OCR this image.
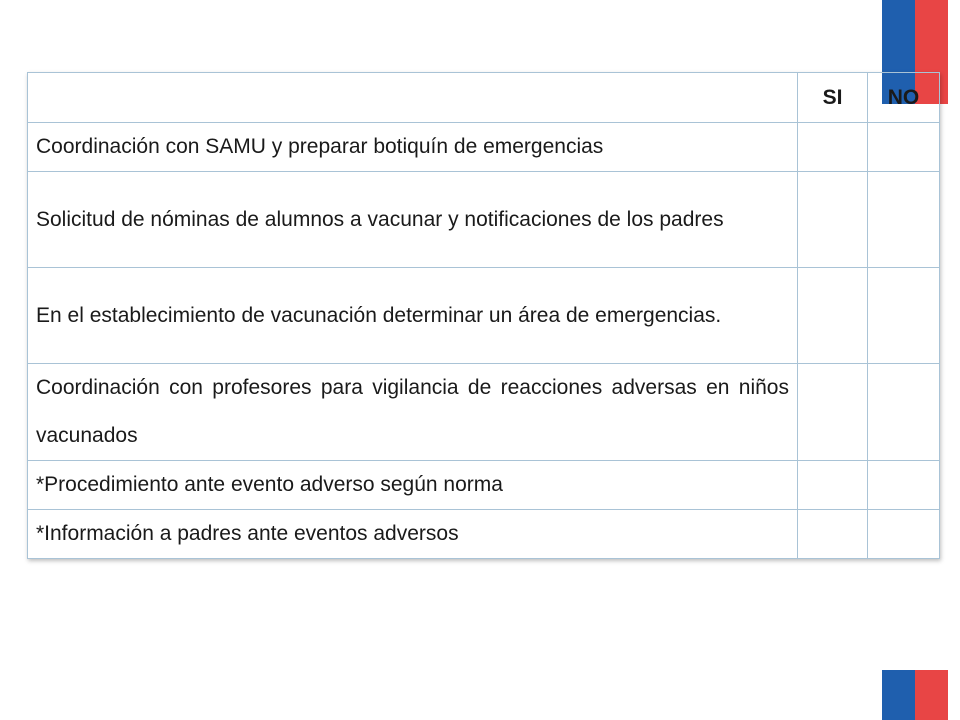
	SI	NO
Coordinación con SAMU y preparar botiquín de emergencias		
Solicitud de nóminas de alumnos a vacunar y notificaciones de los padres		
En el establecimiento de vacunación determinar un área de emergencias.		
Coordinación con profesores para vigilancia de reacciones adversas en niños vacunados		
*Procedimiento ante evento adverso según norma		
*Información a padres ante eventos adversos		
